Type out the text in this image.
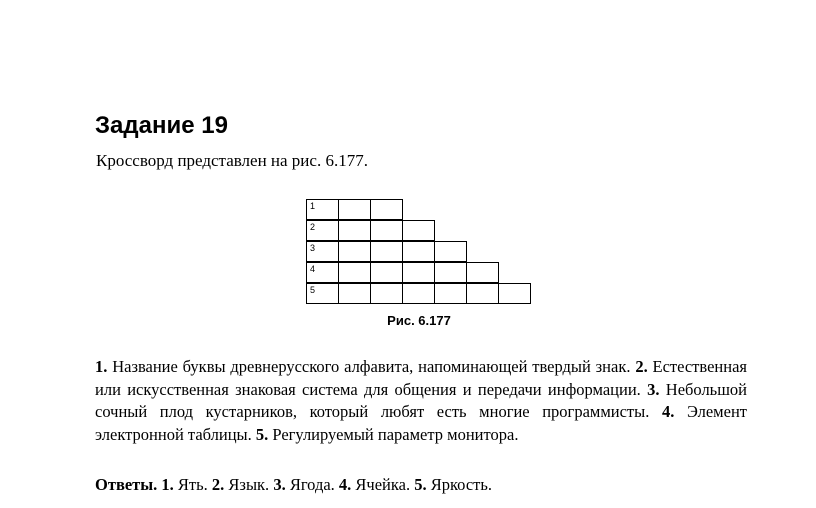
Задание 19
Кроссворд представлен на рис. 6.177.
1
2
3
4
5
Рис. 6.177
1. Название буквы древнерусского алфавита, напоминающей твердый знак. 2. Естественная или искусственная знаковая система для общения и передачи информации. 3. Небольшой сочный плод кустарников, который любят есть многие программисты. 4. Элемент электронной таблицы. 5. Регулируемый параметр монитора.
Ответы. 1. Ять. 2. Язык. 3. Ягода. 4. Ячейка. 5. Яркость.
